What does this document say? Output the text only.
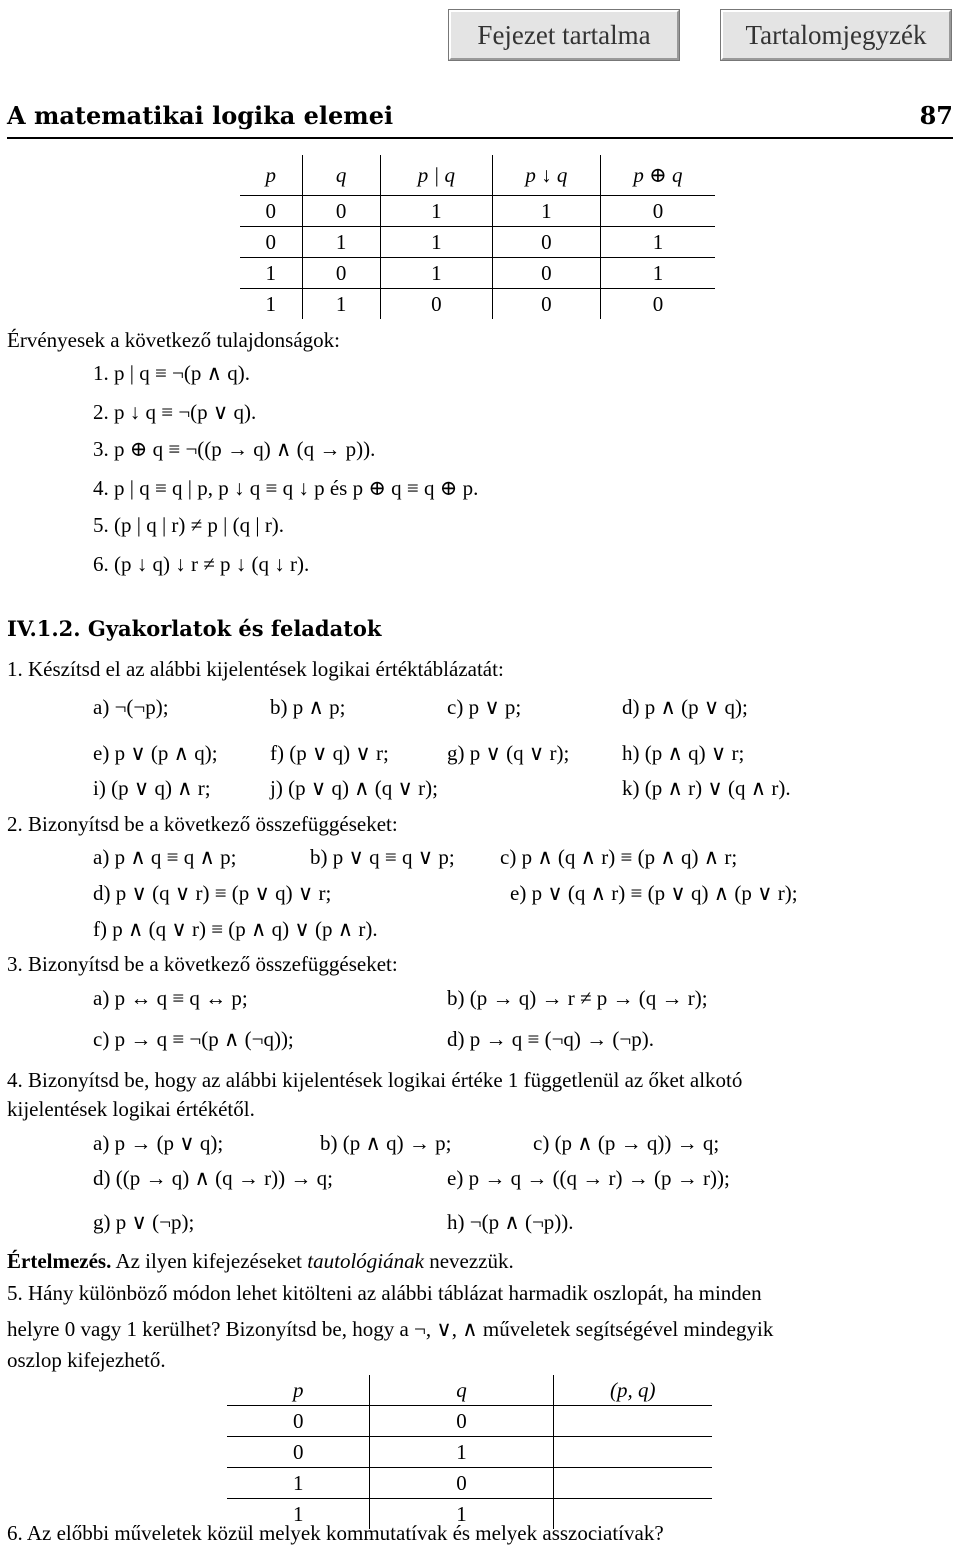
Fejezet tartalma	Tartalomjegyzék
A matematikai logika elemei	87
p	q	p | q	p ↓ q	p ⊕ q
0	0	1	1	0
0	1	1	0	1
1	0	1	0	1
1	1	0	0	0
Érvényesek a következő tulajdonságok:
1. p | q ≡ ¬(p ∧ q).
2. p ↓ q ≡ ¬(p ∨ q).
3. p ⊕ q ≡ ¬((p → q) ∧ (q → p)).
4. p | q ≡ q | p, p ↓ q ≡ q ↓ p és p ⊕ q ≡ q ⊕ p.
5. (p | q | r) ≠ p | (q | r).
6. (p ↓ q) ↓ r ≠ p ↓ (q ↓ r).
IV.1.2. Gyakorlatok és feladatok
1. Készítsd el az alábbi kijelentések logikai értéktáblázatát:
a) ¬(¬p);	b) p ∧ p;	c) p ∨ p;	d) p ∧ (p ∨ q);
e) p ∨ (p ∧ q); f) (p ∨ q) ∨ r;	g) p ∨ (q ∨ r);	h) (p ∧ q) ∨ r;
i) (p ∨ q) ∧ r;	j) (p ∨ q) ∧ (q ∨ r);	k) (p ∧ r) ∨ (q ∧ r).
2. Bizonyítsd be a következő összefüggéseket:
a) p ∧ q ≡ q ∧ p;	b) p ∨ q ≡ q ∨ p; c) p ∧ (q ∧ r) ≡ (p ∧ q) ∧ r;
d) p ∨ (q ∨ r) ≡ (p ∨ q) ∨ r;	e) p ∨ (q ∧ r) ≡ (p ∨ q) ∧ (p ∨ r);
f) p ∧ (q ∨ r) ≡ (p ∧ q) ∨ (p ∧ r).
3. Bizonyítsd be a következő összefüggéseket:
a) p ↔ q ≡ q ↔ p;	b) (p → q) → r ≠ p → (q → r);
c) p → q ≡ ¬(p ∧ (¬q));	d) p → q ≡ (¬q) → (¬p).
4. Bizonyítsd be, hogy az alábbi kijelentések logikai értéke 1 függetlenül az őket alkotó
kijelentések logikai értékétől.
a) p → (p ∨ q);	b) (p ∧ q) → p;	c) (p ∧ (p → q)) → q;
d) ((p → q) ∧ (q → r)) → q;	e) p → q → ((q → r) → (p → r));
g) p ∨ (¬p);	h) ¬(p ∧ (¬p)).
Értelmezés. Az ilyen kifejezéseket tautológiának nevezzük.
5. Hány különböző módon lehet kitölteni az alábbi táblázat harmadik oszlopát, ha minden
helyre 0 vagy 1 kerülhet? Bizonyítsd be, hogy a ¬, ∨, ∧ műveletek segítségével mindegyik
oszlop kifejezhető.
p	q	(p, q)
0	0	
0	1	
1	0	
1	1	
6. Az előbbi műveletek közül melyek kommutatívak és melyek asszociatívak?
